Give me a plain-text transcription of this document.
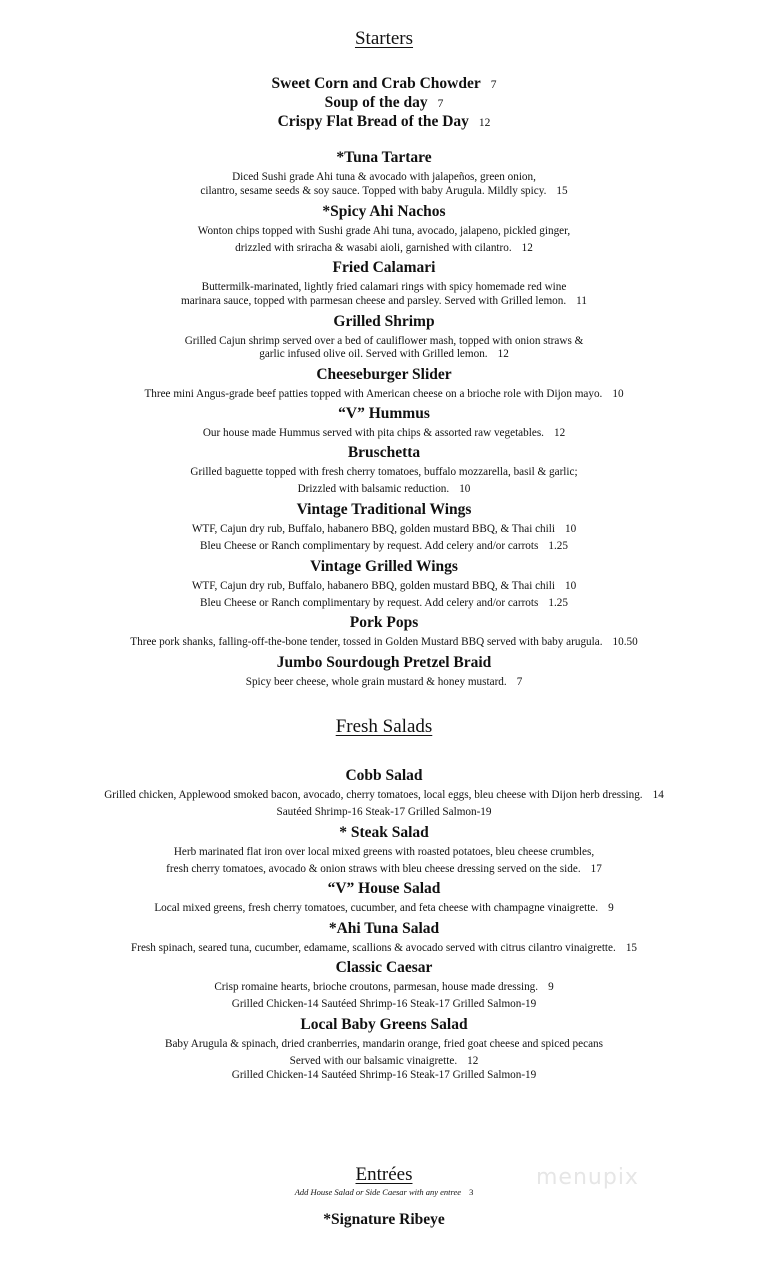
Starters
Sweet Corn and Crab Chowder 7
Soup of the day 7
Crispy Flat Bread of the Day 12
*Tuna Tartare
Diced Sushi grade Ahi tuna & avocado with jalapeños, green onion,
cilantro, sesame seeds & soy sauce. Topped with baby Arugula. Mildly spicy. 15
*Spicy Ahi Nachos
Wonton chips topped with Sushi grade Ahi tuna, avocado, jalapeno, pickled ginger,
drizzled with sriracha & wasabi aioli, garnished with cilantro. 12
Fried Calamari
Buttermilk-marinated, lightly fried calamari rings with spicy homemade red wine
marinara sauce, topped with parmesan cheese and parsley. Served with Grilled lemon. 11
Grilled Shrimp
Grilled Cajun shrimp served over a bed of cauliflower mash, topped with onion straws &
garlic infused olive oil. Served with Grilled lemon. 12
Cheeseburger Slider
Three mini Angus-grade beef patties topped with American cheese on a brioche role with Dijon mayo. 10
“V” Hummus
Our house made Hummus served with pita chips & assorted raw vegetables. 12
Bruschetta
Grilled baguette topped with fresh cherry tomatoes, buffalo mozzarella, basil & garlic;
Drizzled with balsamic reduction. 10
Vintage Traditional Wings
WTF, Cajun dry rub, Buffalo, habanero BBQ, golden mustard BBQ, & Thai chili 10
Bleu Cheese or Ranch complimentary by request. Add celery and/or carrots 1.25
Vintage Grilled Wings
WTF, Cajun dry rub, Buffalo, habanero BBQ, golden mustard BBQ, & Thai chili 10
Bleu Cheese or Ranch complimentary by request. Add celery and/or carrots 1.25
Pork Pops
Three pork shanks, falling-off-the-bone tender, tossed in Golden Mustard BBQ served with baby arugula. 10.50
Jumbo Sourdough Pretzel Braid
Spicy beer cheese, whole grain mustard & honey mustard. 7
Fresh Salads
Cobb Salad
Grilled chicken, Applewood smoked bacon, avocado, cherry tomatoes, local eggs, bleu cheese with Dijon herb dressing. 14
Sautéed Shrimp-16 Steak-17 Grilled Salmon-19
* Steak Salad
Herb marinated flat iron over local mixed greens with roasted potatoes, bleu cheese crumbles,
fresh cherry tomatoes, avocado & onion straws with bleu cheese dressing served on the side. 17
“V” House Salad
Local mixed greens, fresh cherry tomatoes, cucumber, and feta cheese with champagne vinaigrette. 9
*Ahi Tuna Salad
Fresh spinach, seared tuna, cucumber, edamame, scallions & avocado served with citrus cilantro vinaigrette. 15
Classic Caesar
Crisp romaine hearts, brioche croutons, parmesan, house made dressing. 9
Grilled Chicken-14 Sautéed Shrimp-16 Steak-17 Grilled Salmon-19
Local Baby Greens Salad
Baby Arugula & spinach, dried cranberries, mandarin orange, fried goat cheese and spiced pecans
Served with our balsamic vinaigrette. 12
Grilled Chicken-14 Sautéed Shrimp-16 Steak-17 Grilled Salmon-19
Entrées
Add House Salad or Side Caesar with any entree 3
*Signature Ribeye
menupix
